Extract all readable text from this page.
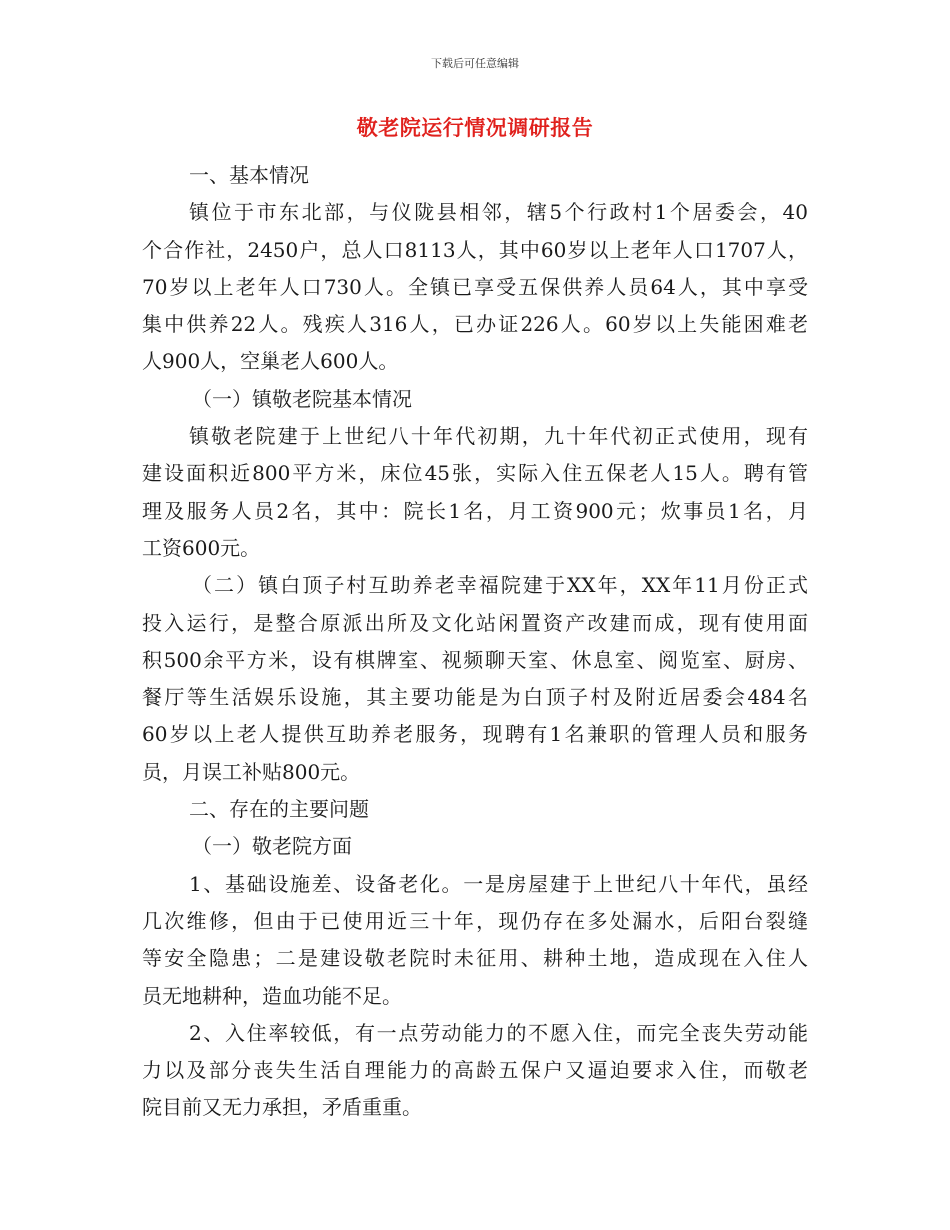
下载后可任意编辑
敬老院运行情况调研报告
一、基本情况
镇位于市东北部，与仪陇县相邻，辖5个行政村1个居委会，40
个合作社，2450户，总人口8113人，其中60岁以上老年人口1707人，
70岁以上老年人口730人。全镇已享受五保供养人员64人，其中享受
集中供养22人。残疾人316人，已办证226人。60岁以上失能困难老
人900人，空巢老人600人。
（一）镇敬老院基本情况
镇敬老院建于上世纪八十年代初期，九十年代初正式使用，现有
建设面积近800平方米，床位45张，实际入住五保老人15人。聘有管
理及服务人员2名，其中：院长1名，月工资900元；炊事员1名，月
工资600元。
（二）镇白顶子村互助养老幸福院建于XX年，XX年11月份正式
投入运行，是整合原派出所及文化站闲置资产改建而成，现有使用面
积500余平方米，设有棋牌室、视频聊天室、休息室、阅览室、厨房、
餐厅等生活娱乐设施，其主要功能是为白顶子村及附近居委会484名
60岁以上老人提供互助养老服务，现聘有1名兼职的管理人员和服务
员，月误工补贴800元。
二、存在的主要问题
（一）敬老院方面
1、基础设施差、设备老化。一是房屋建于上世纪八十年代，虽经
几次维修，但由于已使用近三十年，现仍存在多处漏水，后阳台裂缝
等安全隐患；二是建设敬老院时未征用、耕种土地，造成现在入住人
员无地耕种，造血功能不足。
2、入住率较低，有一点劳动能力的不愿入住，而完全丧失劳动能
力以及部分丧失生活自理能力的高龄五保户又逼迫要求入住，而敬老
院目前又无力承担，矛盾重重。
